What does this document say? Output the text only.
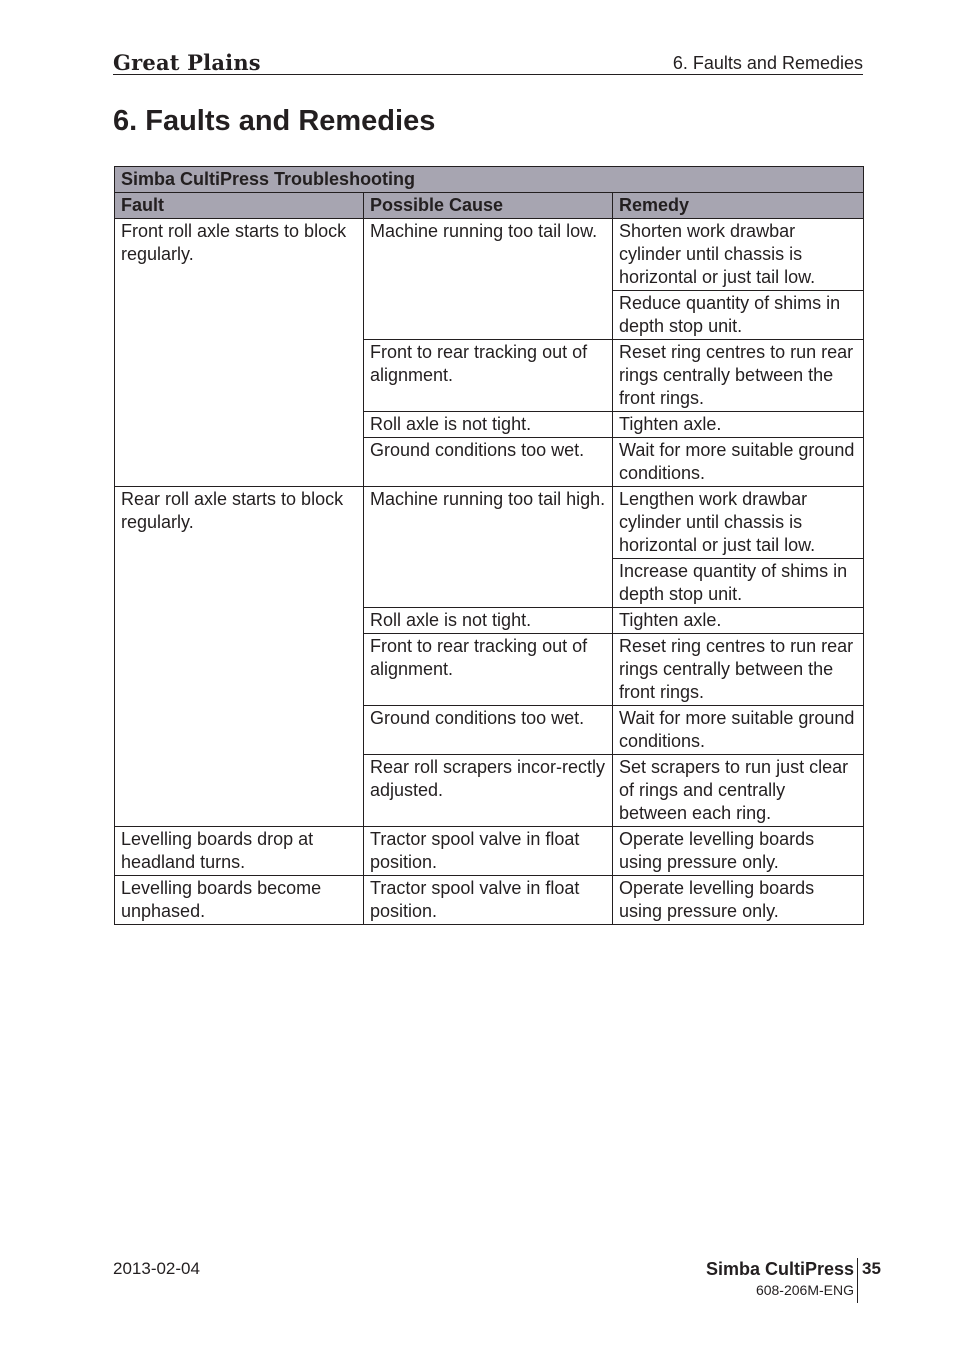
Great Plains	6. Faults and Remedies
6. Faults and Remedies
Simba CultiPress Troubleshooting		
Fault	Possible Cause	Remedy
Front roll axle starts to block regularly.	Machine running too tail low.	Shorten work drawbar cylinder until chassis is horizontal or just tail low.
		Reduce quantity of shims in depth stop unit.
	Front to rear tracking out of alignment.	Reset ring centres to run rear rings centrally between the front rings.
	Roll axle is not tight.	Tighten axle.
	Ground conditions too wet.	Wait for more suitable ground conditions.
Rear roll axle starts to block regularly.	Machine running too tail high.	Lengthen work drawbar cylinder until chassis is horizontal or just tail low.
		Increase quantity of shims in depth stop unit.
	Roll axle is not tight.	Tighten axle.
	Front to rear tracking out of alignment.	Reset ring centres to run rear rings centrally between the front rings.
	Ground conditions too wet.	Wait for more suitable ground conditions.
	Rear roll scrapers incor-rectly adjusted.	Set scrapers to run just clear of rings and centrally between each ring.
Levelling boards drop at headland turns.	Tractor spool valve in float position.	Operate levelling boards using pressure only.
Levelling boards become unphased.	Tractor spool valve in float position.	Operate levelling boards using pressure only.
2013-02-04	Simba CultiPress
608-206M-ENG
35
